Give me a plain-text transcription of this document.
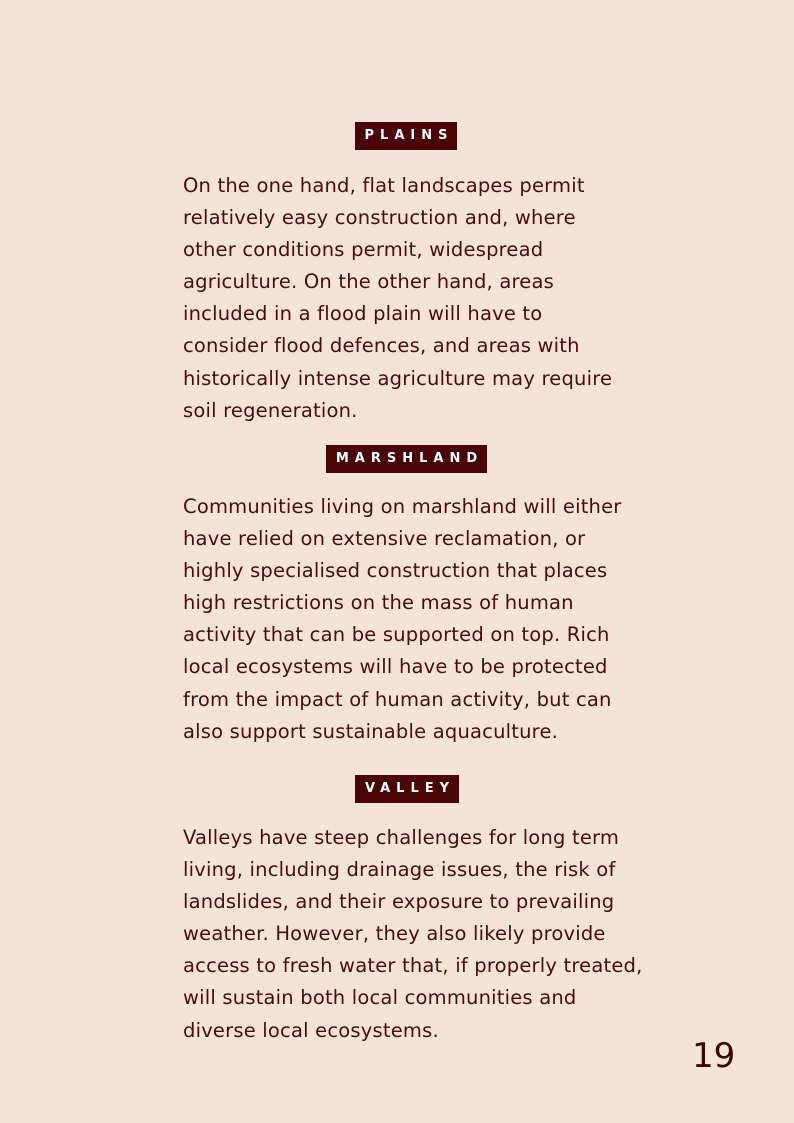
PLAINS

On the one hand, flat landscapes permit relatively easy construction and, where other conditions permit, widespread agriculture. On the other hand, areas included in a flood plain will have to consider flood defences, and areas with historically intense agriculture may require soil regeneration.

MARSHLAND

Communities living on marshland will either have relied on extensive reclamation, or highly specialised construction that places high restrictions on the mass of human activity that can be supported on top. Rich local ecosystems will have to be protected from the impact of human activity, but can also support sustainable aquaculture.

VALLEY

Valleys have steep challenges for long term living, including drainage issues, the risk of landslides, and their exposure to prevailing weather. However, they also likely provide access to fresh water that, if properly treated, will sustain both local communities and diverse local ecosystems.

19
